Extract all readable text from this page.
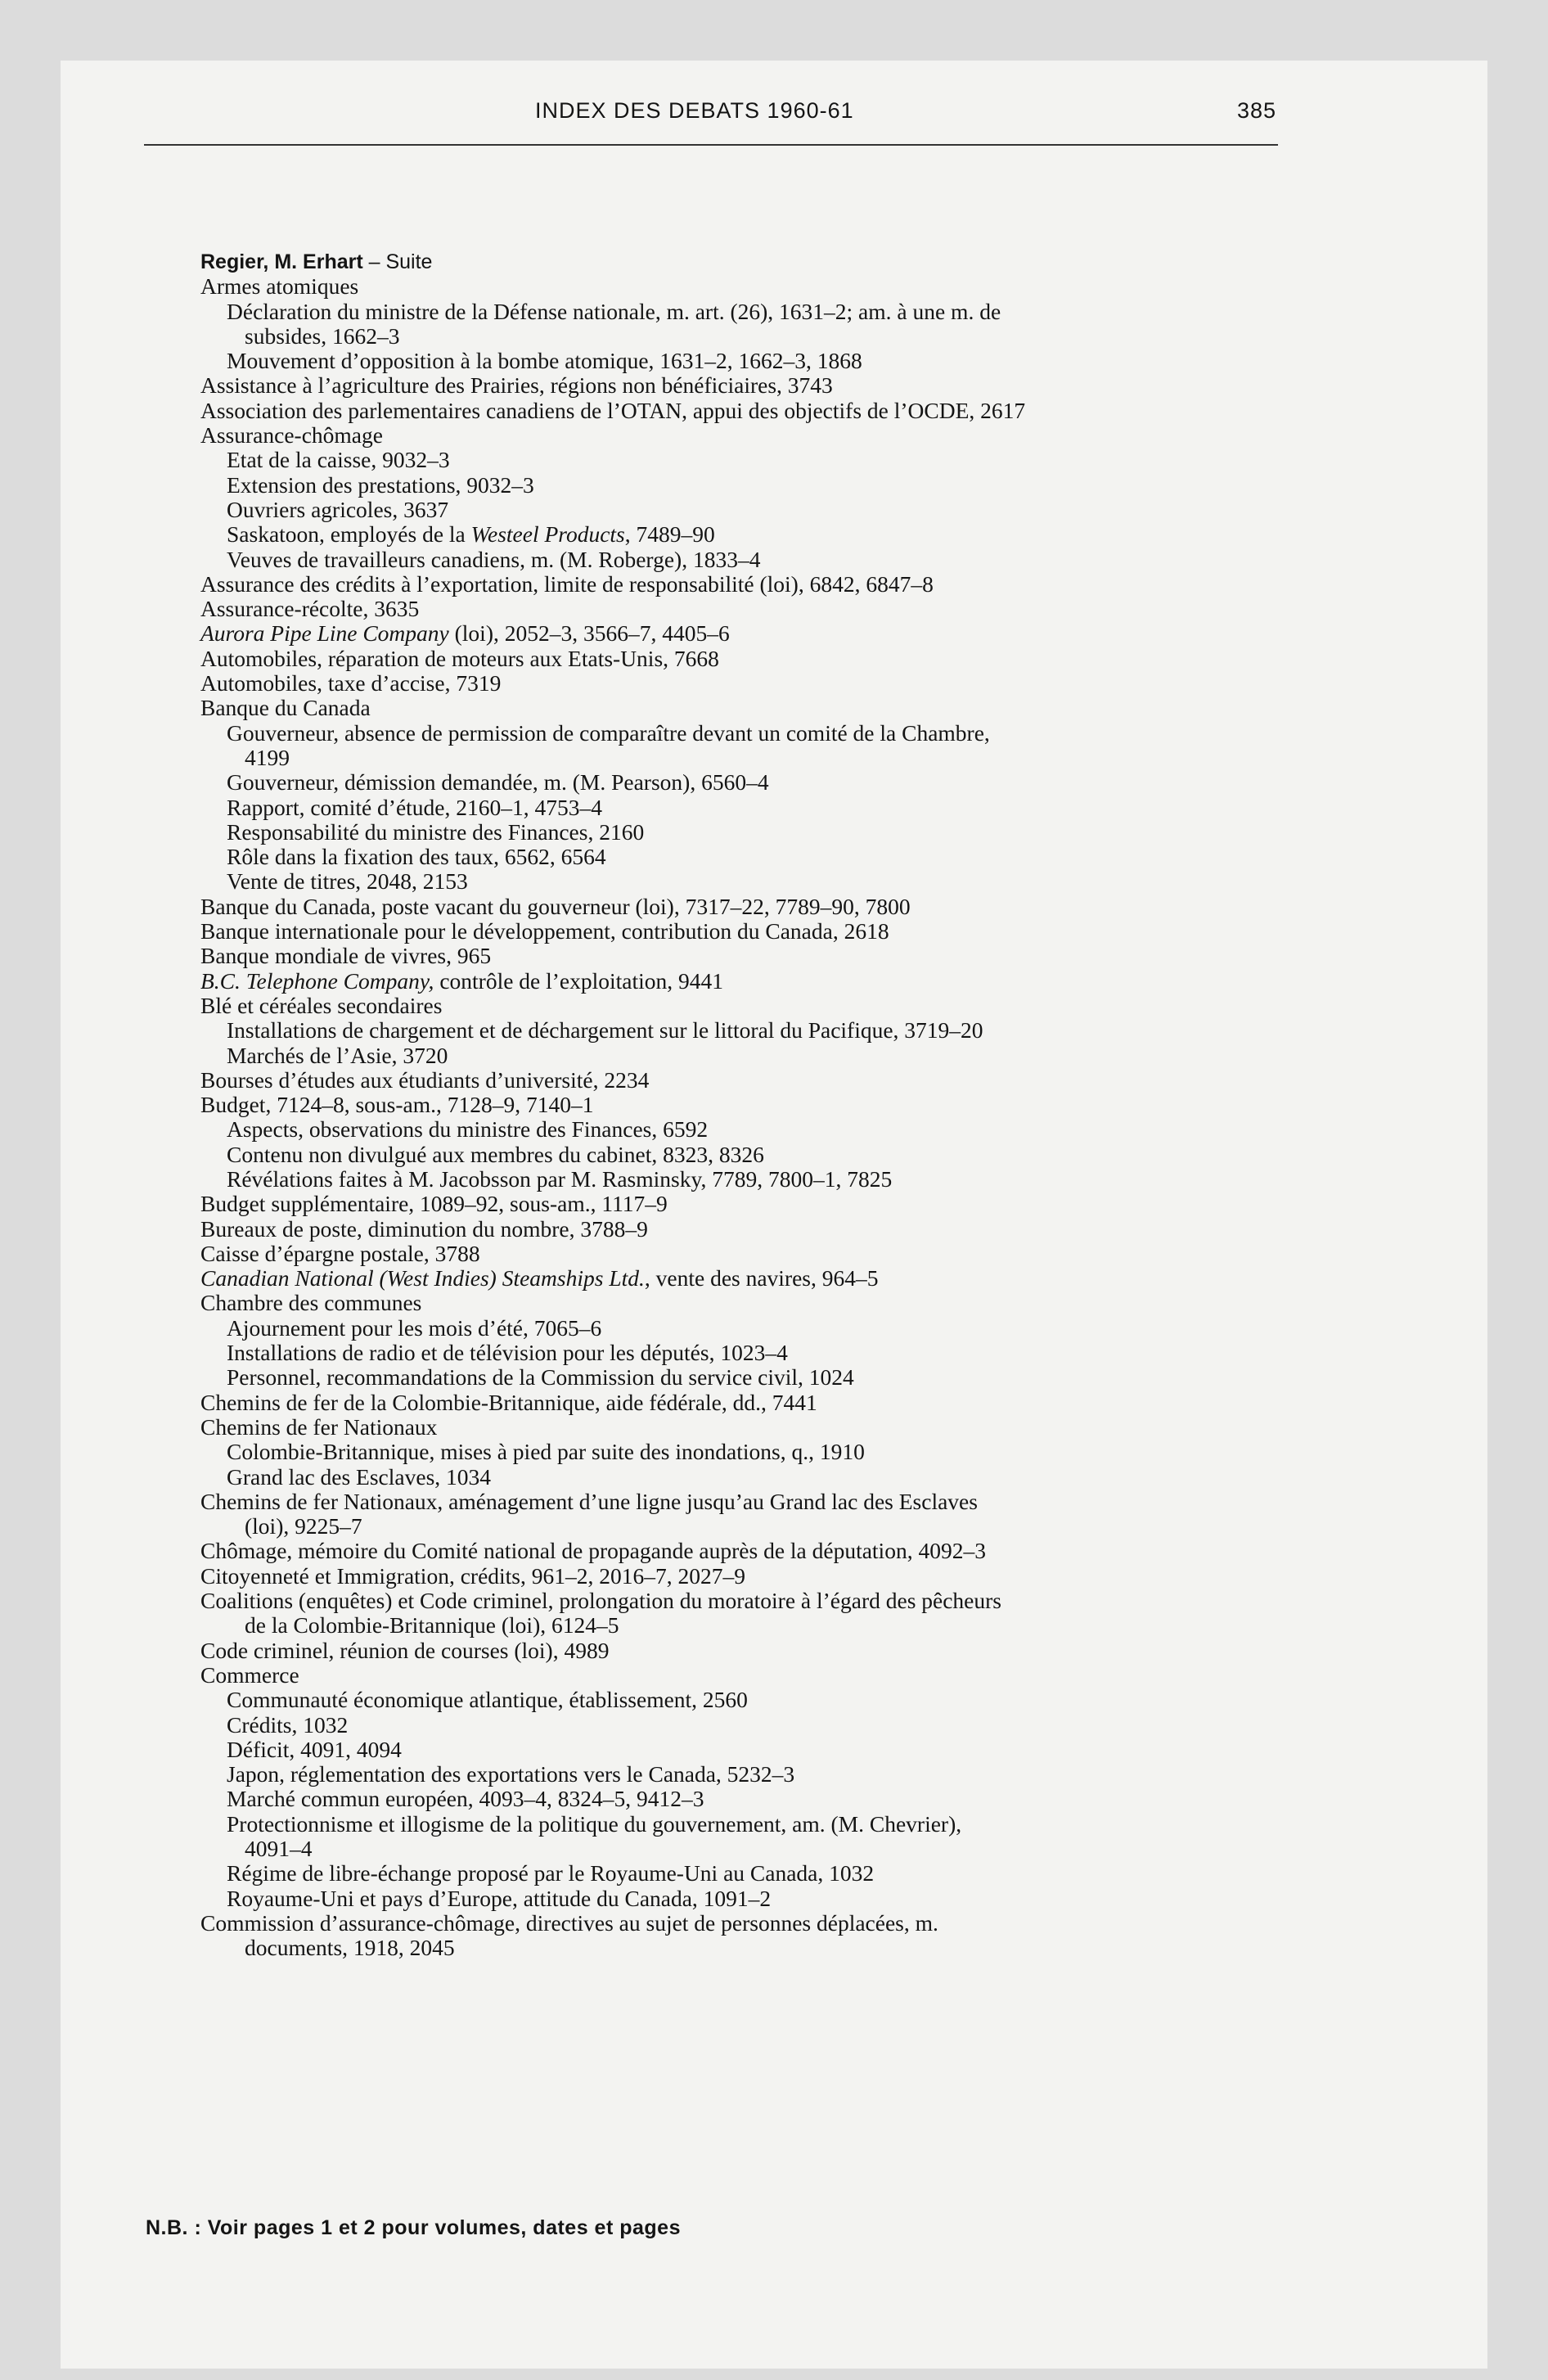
INDEX DES DEBATS 1960-61	385
Regier, M. Erhart – Suite
Armes atomiques
Déclaration du ministre de la Défense nationale, m. art. (26), 1631–2; am. à une m. de
subsides, 1662–3
Mouvement d’opposition à la bombe atomique, 1631–2, 1662–3, 1868
Assistance à l’agriculture des Prairies, régions non bénéficiaires, 3743
Association des parlementaires canadiens de l’OTAN, appui des objectifs de l’OCDE, 2617
Assurance-chômage
Etat de la caisse, 9032–3
Extension des prestations, 9032–3
Ouvriers agricoles, 3637
Saskatoon, employés de la Westeel Products, 7489–90
Veuves de travailleurs canadiens, m. (M. Roberge), 1833–4
Assurance des crédits à l’exportation, limite de responsabilité (loi), 6842, 6847–8
Assurance-récolte, 3635
Aurora Pipe Line Company (loi), 2052–3, 3566–7, 4405–6
Automobiles, réparation de moteurs aux Etats-Unis, 7668
Automobiles, taxe d’accise, 7319
Banque du Canada
Gouverneur, absence de permission de comparaître devant un comité de la Chambre,
4199
Gouverneur, démission demandée, m. (M. Pearson), 6560–4
Rapport, comité d’étude, 2160–1, 4753–4
Responsabilité du ministre des Finances, 2160
Rôle dans la fixation des taux, 6562, 6564
Vente de titres, 2048, 2153
Banque du Canada, poste vacant du gouverneur (loi), 7317–22, 7789–90, 7800
Banque internationale pour le développement, contribution du Canada, 2618
Banque mondiale de vivres, 965
B.C. Telephone Company, contrôle de l’exploitation, 9441
Blé et céréales secondaires
Installations de chargement et de déchargement sur le littoral du Pacifique, 3719–20
Marchés de l’Asie, 3720
Bourses d’études aux étudiants d’université, 2234
Budget, 7124–8, sous-am., 7128–9, 7140–1
Aspects, observations du ministre des Finances, 6592
Contenu non divulgué aux membres du cabinet, 8323, 8326
Révélations faites à M. Jacobsson par M. Rasminsky, 7789, 7800–1, 7825
Budget supplémentaire, 1089–92, sous-am., 1117–9
Bureaux de poste, diminution du nombre, 3788–9
Caisse d’épargne postale, 3788
Canadian National (West Indies) Steamships Ltd., vente des navires, 964–5
Chambre des communes
Ajournement pour les mois d’été, 7065–6
Installations de radio et de télévision pour les députés, 1023–4
Personnel, recommandations de la Commission du service civil, 1024
Chemins de fer de la Colombie-Britannique, aide fédérale, dd., 7441
Chemins de fer Nationaux
Colombie-Britannique, mises à pied par suite des inondations, q., 1910
Grand lac des Esclaves, 1034
Chemins de fer Nationaux, aménagement d’une ligne jusqu’au Grand lac des Esclaves
(loi), 9225–7
Chômage, mémoire du Comité national de propagande auprès de la députation, 4092–3
Citoyenneté et Immigration, crédits, 961–2, 2016–7, 2027–9
Coalitions (enquêtes) et Code criminel, prolongation du moratoire à l’égard des pêcheurs
de la Colombie-Britannique (loi), 6124–5
Code criminel, réunion de courses (loi), 4989
Commerce
Communauté économique atlantique, établissement, 2560
Crédits, 1032
Déficit, 4091, 4094
Japon, réglementation des exportations vers le Canada, 5232–3
Marché commun européen, 4093–4, 8324–5, 9412–3
Protectionnisme et illogisme de la politique du gouvernement, am. (M. Chevrier),
4091–4
Régime de libre-échange proposé par le Royaume-Uni au Canada, 1032
Royaume-Uni et pays d’Europe, attitude du Canada, 1091–2
Commission d’assurance-chômage, directives au sujet de personnes déplacées, m.
documents, 1918, 2045
N.B. : Voir pages 1 et 2 pour volumes, dates et pages
